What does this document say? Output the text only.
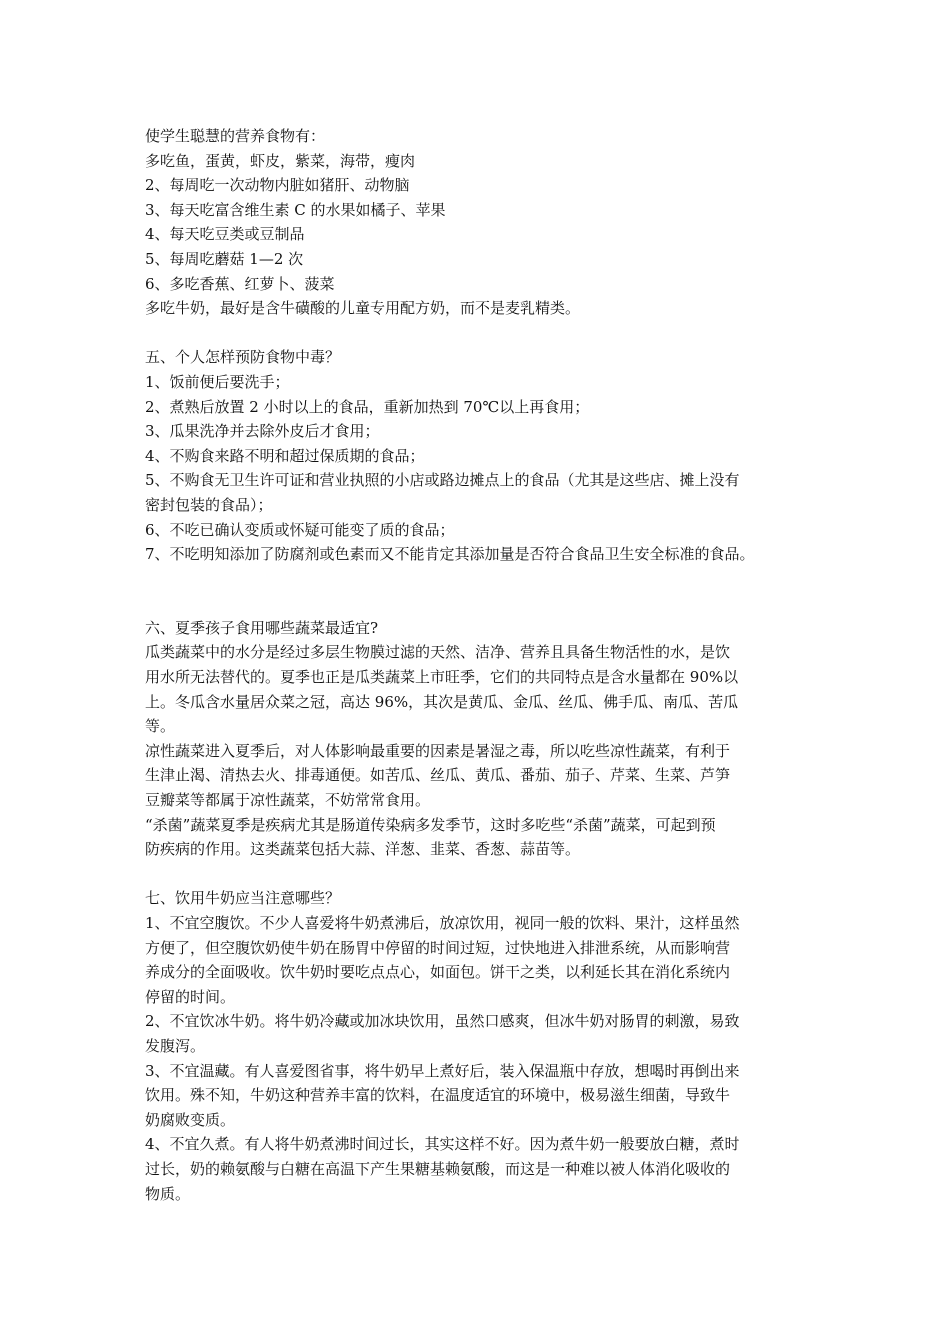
使学生聪慧的营养食物有：
多吃鱼，蛋黄，虾皮，紫菜，海带，瘦肉
2、每周吃一次动物内脏如猪肝、动物脑
3、每天吃富含维生素 C 的水果如橘子、苹果
4、每天吃豆类或豆制品
5、每周吃蘑菇 1—2 次
6、多吃香蕉、红萝卜、菠菜
多吃牛奶，最好是含牛磺酸的儿童专用配方奶，而不是麦乳精类。
五、个人怎样预防食物中毒？
1、饭前便后要洗手；
2、煮熟后放置 2 小时以上的食品，重新加热到 70℃以上再食用；
3、瓜果洗净并去除外皮后才食用；
4、不购食来路不明和超过保质期的食品；
5、不购食无卫生许可证和营业执照的小店或路边摊点上的食品（尤其是这些店、摊上没有
密封包装的食品）；
6、不吃已确认变质或怀疑可能变了质的食品；
7、不吃明知添加了防腐剂或色素而又不能肯定其添加量是否符合食品卫生安全标准的食品。
六、夏季孩子食用哪些蔬菜最适宜?
瓜类蔬菜中的水分是经过多层生物膜过滤的天然、洁净、营养且具备生物活性的水，是饮
用水所无法替代的。夏季也正是瓜类蔬菜上市旺季，它们的共同特点是含水量都在 90%以
上。冬瓜含水量居众菜之冠，高达 96%，其次是黄瓜、金瓜、丝瓜、佛手瓜、南瓜、苦瓜
等。
凉性蔬菜进入夏季后，对人体影响最重要的因素是暑湿之毒，所以吃些凉性蔬菜，有利于
生津止渴、清热去火、排毒通便。如苦瓜、丝瓜、黄瓜、番茄、茄子、芹菜、生菜、芦笋
豆瓣菜等都属于凉性蔬菜，不妨常常食用。
“杀菌”蔬菜夏季是疾病尤其是肠道传染病多发季节，这时多吃些“杀菌”蔬菜，可起到预
防疾病的作用。这类蔬菜包括大蒜、洋葱、韭菜、香葱、蒜苗等。
七、饮用牛奶应当注意哪些？
1、不宜空腹饮。不少人喜爱将牛奶煮沸后，放凉饮用，视同一般的饮料、果汁，这样虽然
方便了，但空腹饮奶使牛奶在肠胃中停留的时间过短，过快地进入排泄系统，从而影响营
养成分的全面吸收。饮牛奶时要吃点点心，如面包。饼干之类，以利延长其在消化系统内
停留的时间。
2、不宜饮冰牛奶。将牛奶冷藏或加冰块饮用，虽然口感爽，但冰牛奶对肠胃的刺激，易致
发腹泻。
3、不宜温藏。有人喜爱图省事，将牛奶早上煮好后，装入保温瓶中存放，想喝时再倒出来
饮用。殊不知，牛奶这种营养丰富的饮料，在温度适宜的环境中，极易滋生细菌，导致牛
奶腐败变质。
4、不宜久煮。有人将牛奶煮沸时间过长，其实这样不好。因为煮牛奶一般要放白糖，煮时
过长，奶的赖氨酸与白糖在高温下产生果糖基赖氨酸，而这是一种难以被人体消化吸收的
物质。
